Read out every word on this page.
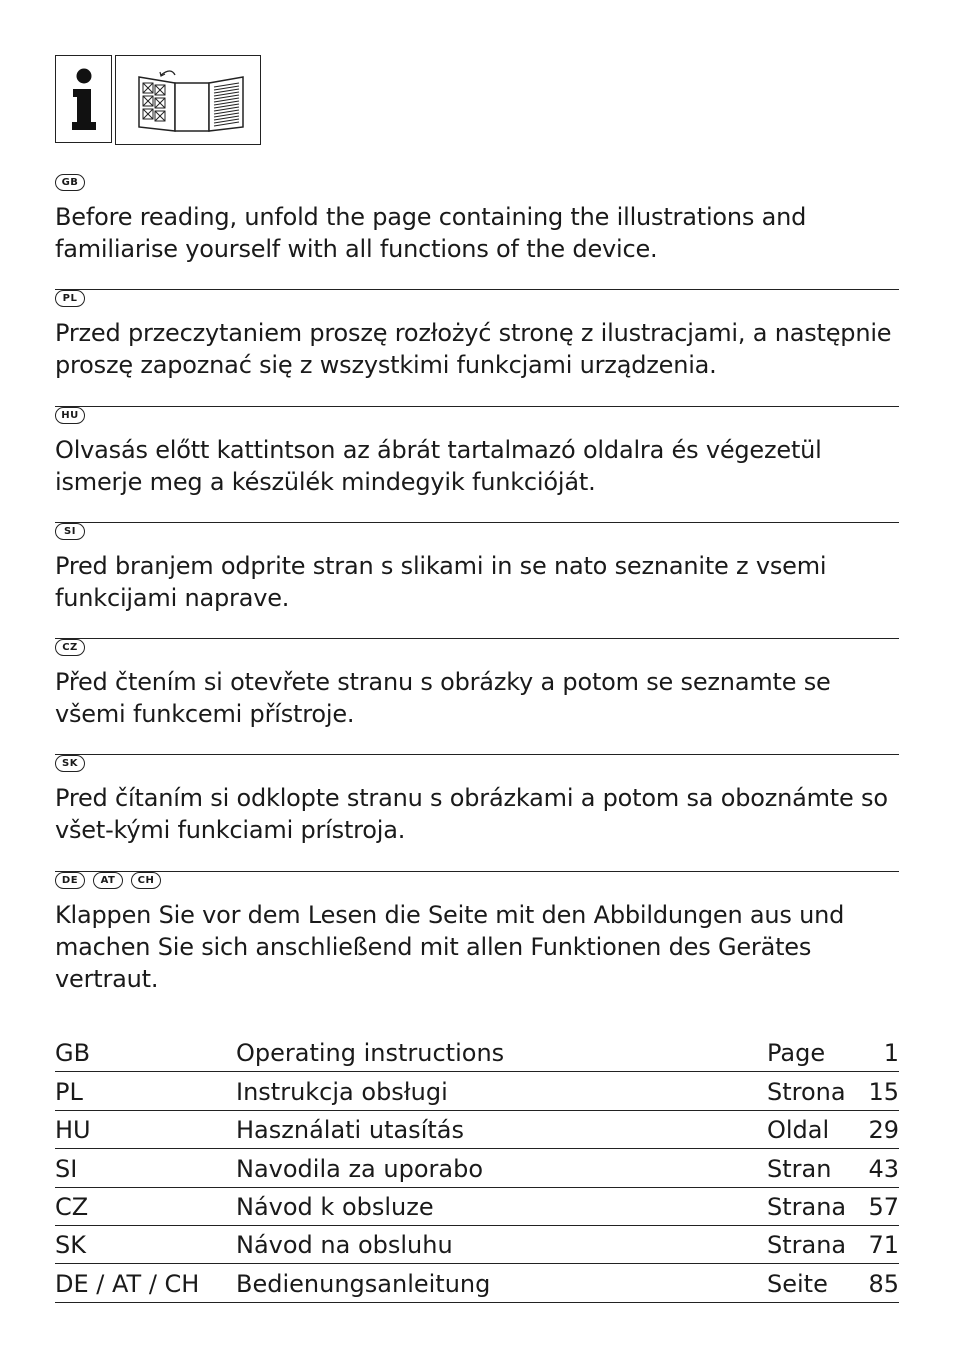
GB
Before reading, unfold the page containing the illustrations and familiarise yourself with all functions of the device.
PL
Przed przeczytaniem proszę rozłożyć stronę z ilustracjami, a następnie proszę zapoznać się z wszystkimi funkcjami urządzenia.
HU
Olvasás előtt kattintson az ábrát tartalmazó oldalra és végezetül ismerje meg a készülék mindegyik funkcióját.
SI
Pred branjem odprite stran s slikami in se nato seznanite z vsemi funkcijami naprave.
CZ
Před čtením si otevřete stranu s obrázky a potom se seznamte se všemi funkcemi přístroje.
SK
Pred čítaním si odklopte stranu s obrázkami a potom sa oboznámte so všet-kými funkciami prístroja.
DE	AT	CH
Klappen Sie vor dem Lesen die Seite mit den Abbildungen aus und machen Sie sich anschließend mit allen Funktionen des Gerätes vertraut.
GB	Operating instructions	Page	1
PL	Instrukcja obsługi	Strona 15
HU	Használati utasítás	Oldal	29
SI	Navodila za uporabo	Stran	43
CZ	Návod k obsluze	Strana 57
SK	Návod na obsluhu	Strana 71
DE / AT / CH	Bedienungsanleitung	Seite	85
